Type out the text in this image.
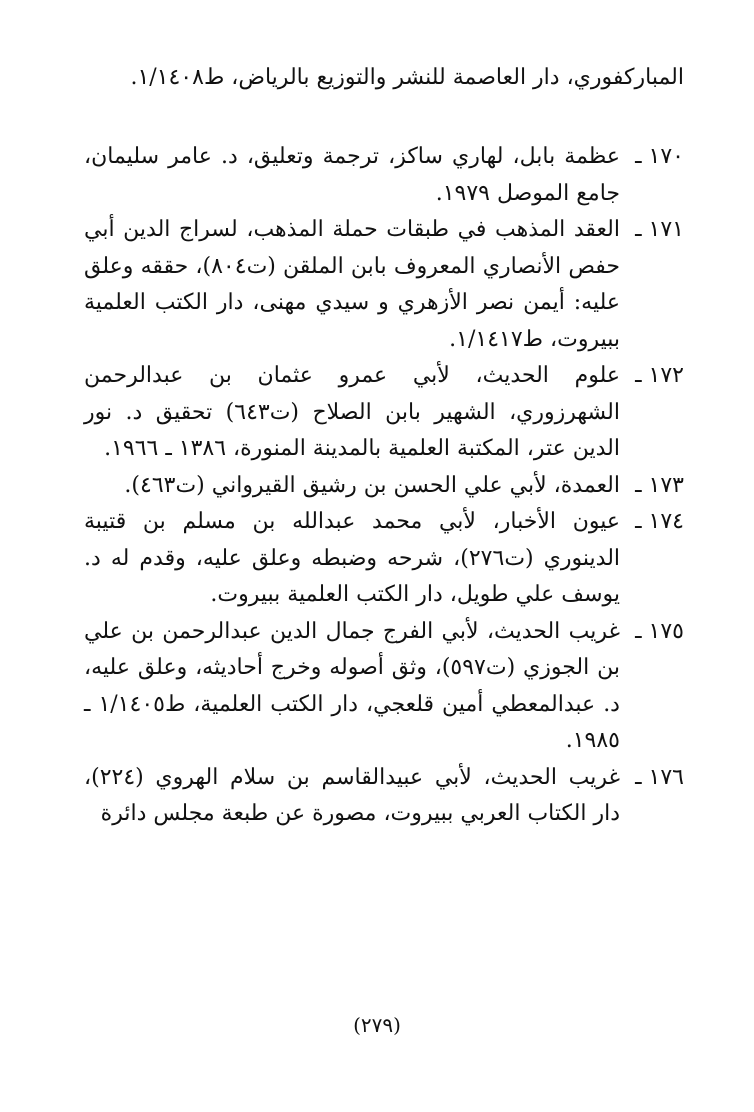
المباركفوري، دار العاصمة للنشر والتوزيع بالرياض، ط١/١٤٠٨.
١٧٠ ـ
عظمة بابل، لهاري ساكز، ترجمة وتعليق، د. عامر سليمان، جامع الموصل ١٩٧٩.
١٧١ ـ
العقد المذهب في طبقات حملة المذهب، لسراج الدين أبي حفص الأنصاري المعروف بابن الملقن (ت٨٠٤)، حققه وعلق عليه: أيمن نصر الأزهري و سيدي مهنى، دار الكتب العلمية ببيروت، ط١/١٤١٧.
١٧٢ ـ
علوم الحديث، لأبي عمرو عثمان بن عبدالرحمن الشهرزوري، الشهير بابن الصلاح (ت٦٤٣) تحقيق د. نور الدين عتر، المكتبة العلمية بالمدينة المنورة، ١٣٨٦ ـ ١٩٦٦.
١٧٣ ـ
العمدة، لأبي علي الحسن بن رشيق القيرواني (ت٤٦٣).
١٧٤ ـ
عيون الأخبار، لأبي محمد عبدالله بن مسلم بن قتيبة الدينوري (ت٢٧٦)، شرحه وضبطه وعلق عليه، وقدم له د. يوسف علي طويل، دار الكتب العلمية ببيروت.
١٧٥ ـ
غريب الحديث، لأبي الفرج جمال الدين عبدالرحمن بن علي بن الجوزي (ت٥٩٧)، وثق أصوله وخرج أحاديثه، وعلق عليه، د. عبدالمعطي أمين قلعجي، دار الكتب العلمية، ط١/١٤٠٥ ـ ١٩٨٥.
١٧٦ ـ
غريب الحديث، لأبي عبيدالقاسم بن سلام الهروي (٢٢٤)، دار الكتاب العربي ببيروت، مصورة عن طبعة مجلس دائرة
(٢٧٩)
